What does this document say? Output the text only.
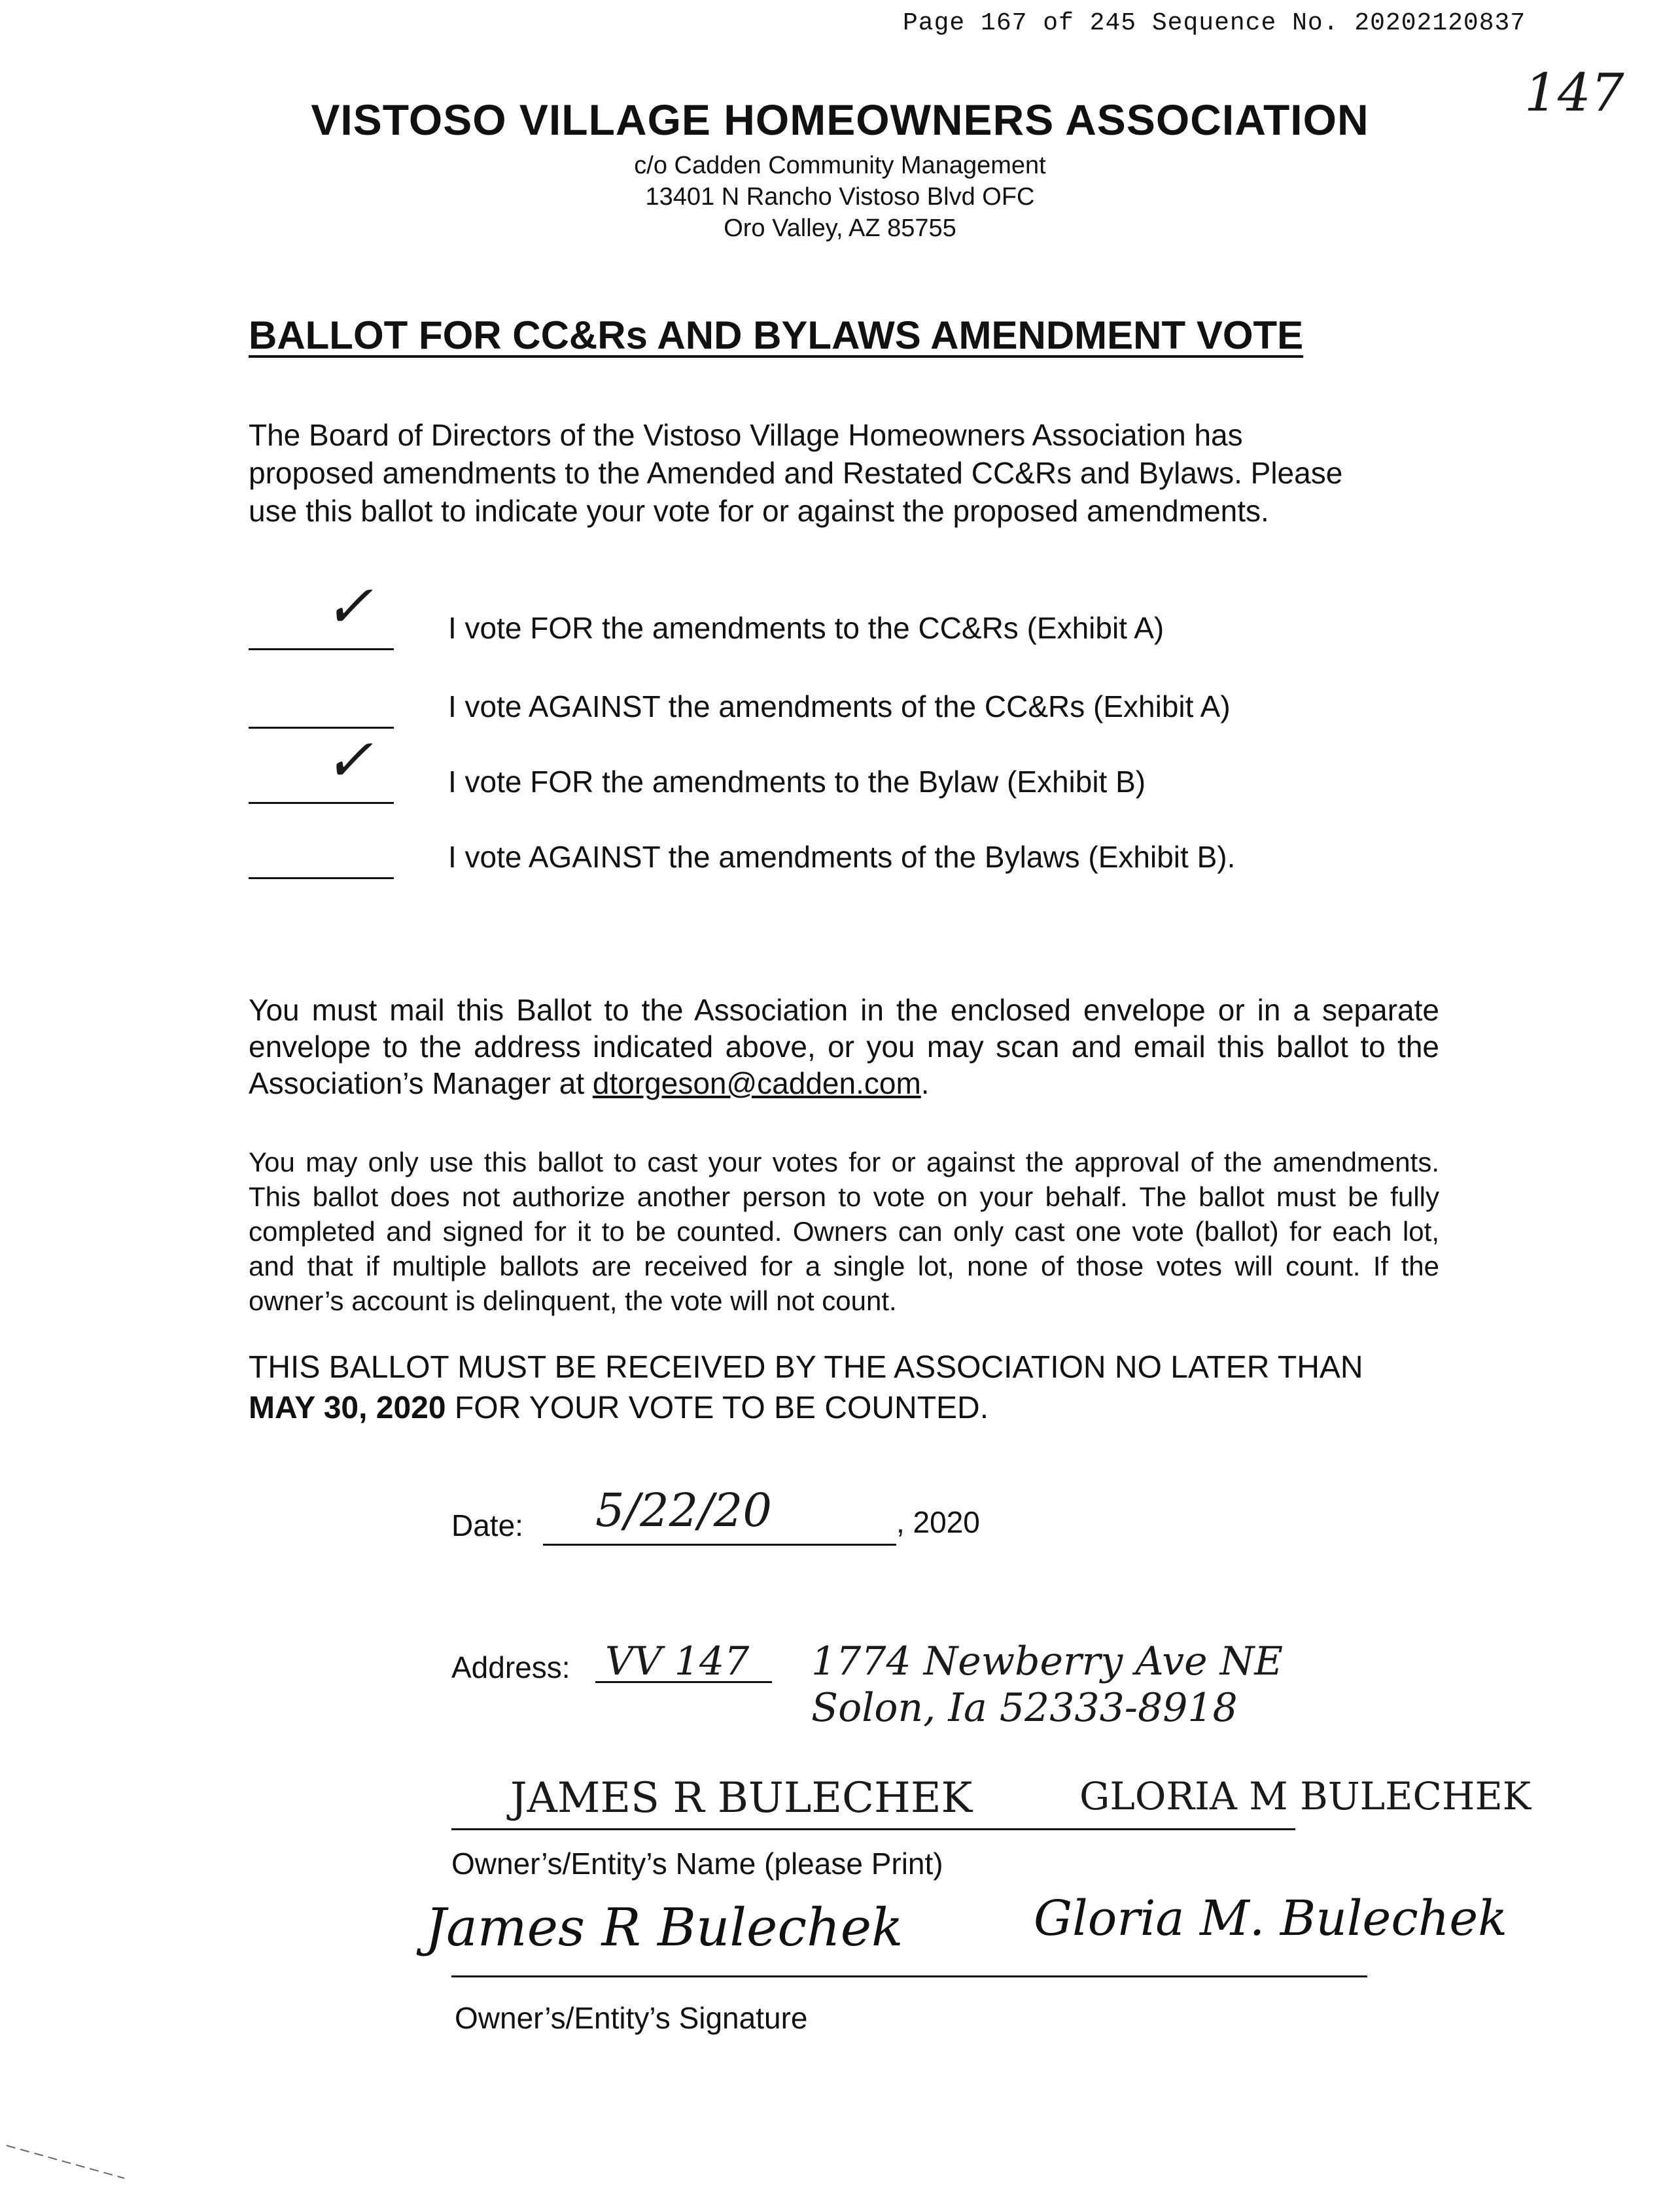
Page 167 of 245 Sequence No. 20202120837
147
VISTOSO VILLAGE HOMEOWNERS ASSOCIATION
c/o Cadden Community Management
13401 N Rancho Vistoso Blvd OFC
Oro Valley, AZ 85755
BALLOT FOR CC&Rs AND BYLAWS AMENDMENT VOTE
The Board of Directors of the Vistoso Village Homeowners Association has proposed amendments to the Amended and Restated CC&Rs and Bylaws. Please use this ballot to indicate your vote for or against the proposed amendments.
✓ I vote FOR the amendments to the CC&Rs (Exhibit A)
I vote AGAINST the amendments of the CC&Rs (Exhibit A)
✓ I vote FOR the amendments to the Bylaw (Exhibit B)
I vote AGAINST the amendments of the Bylaws (Exhibit B).
You must mail this Ballot to the Association in the enclosed envelope or in a separate envelope to the address indicated above, or you may scan and email this ballot to the Association’s Manager at dtorgeson@cadden.com.
You may only use this ballot to cast your votes for or against the approval of the amendments. This ballot does not authorize another person to vote on your behalf. The ballot must be fully completed and signed for it to be counted. Owners can only cast one vote (ballot) for each lot, and that if multiple ballots are received for a single lot, none of those votes will count. If the owner’s account is delinquent, the vote will not count.
THIS BALLOT MUST BE RECEIVED BY THE ASSOCIATION NO LATER THAN
MAY 30, 2020 FOR YOUR VOTE TO BE COUNTED.
Date: 5/22/20	, 2020
Address: VV 147 1774 Newberry Ave NE
Solon, Ia 52333-8918
JAMES R BULECHEK	GLORIA M BULECHEK
Owner’s/Entity’s Name (please Print)
James R Bulechek	Gloria M. Bulechek
Owner’s/Entity’s Signature
